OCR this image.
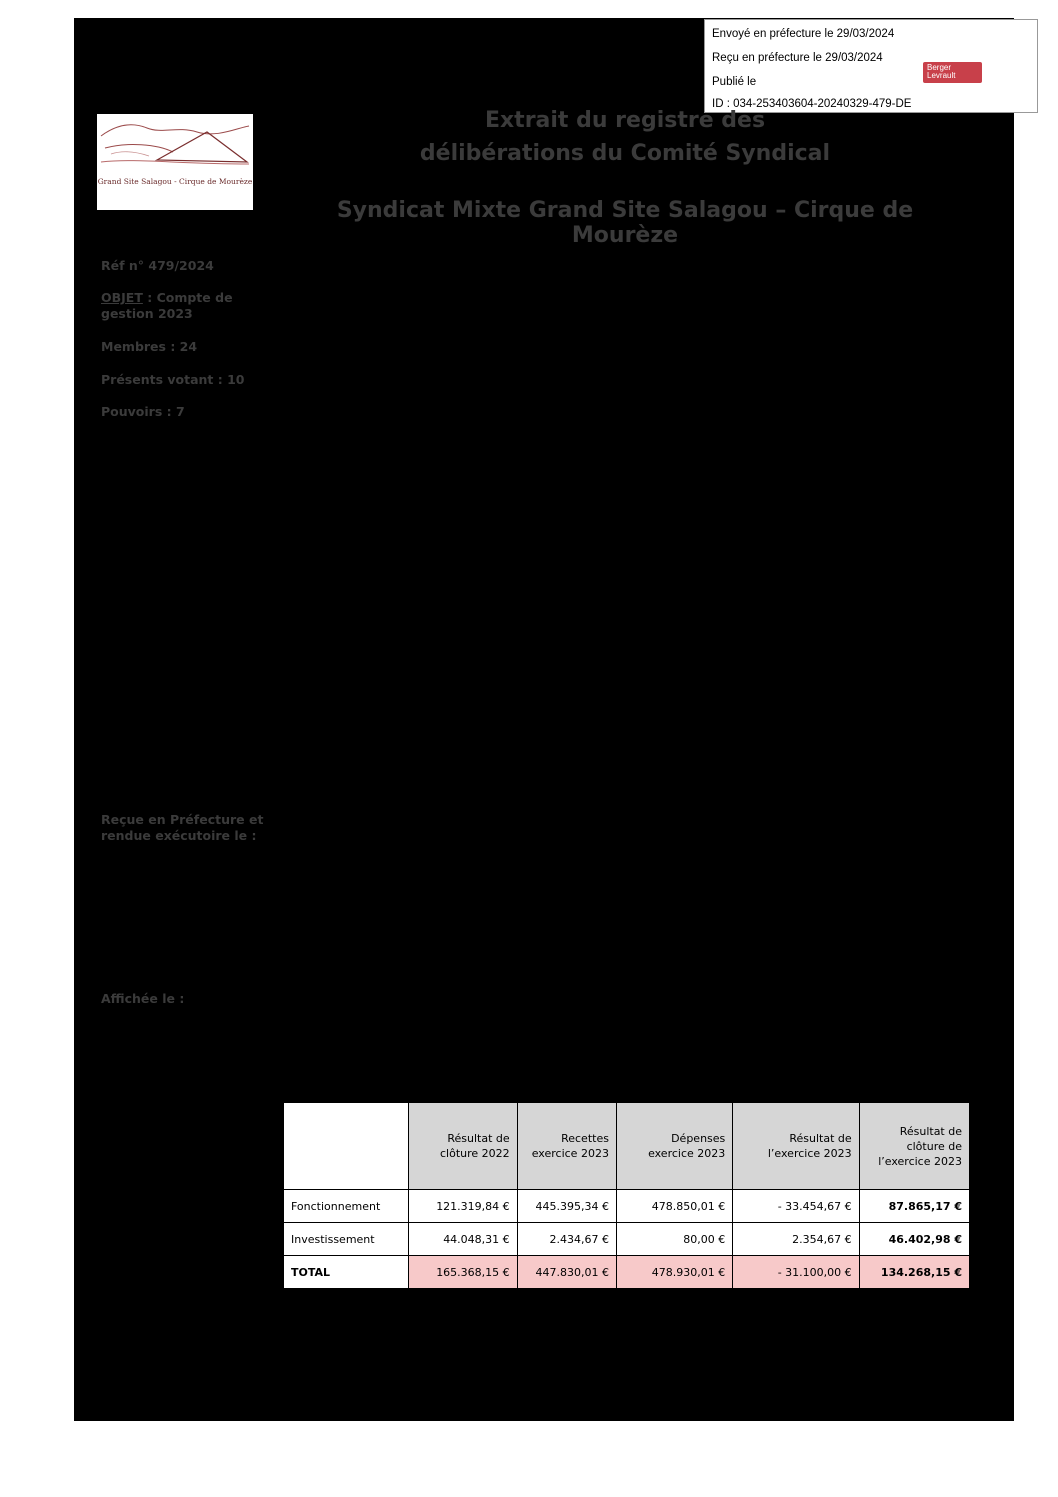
Envoyé en préfecture le 29/03/2024
Reçu en préfecture le 29/03/2024
Publié le
ID : 034-253403604-20240329-479-DE
Berger
Levrault
Grand Site Salagou - Cirque de Mourèze
Extrait du registre des
délibérations du Comité Syndical
Syndicat Mixte Grand Site Salagou – Cirque de Mourèze
Réf n° 479/2024
OBJET : Compte de gestion 2023
Membres : 24
Présents votant : 10
Pouvoirs : 7
Reçue en Préfecture et rendue exécutoire le :
Affichée le :
	Résultat de clôture 2022	Recettes exercice 2023	Dépenses exercice 2023	Résultat de l’exercice 2023	Résultat de clôture de l’exercice 2023
Fonctionnement	121.319,84 €	445.395,34 €	478.850,01 €	- 33.454,67 €	87.865,17 €
Investissement	44.048,31 €	2.434,67 €	80,00 €	2.354,67 €	46.402,98 €
TOTAL	165.368,15 €	447.830,01 €	478.930,01 €	- 31.100,00 €	134.268,15 €
